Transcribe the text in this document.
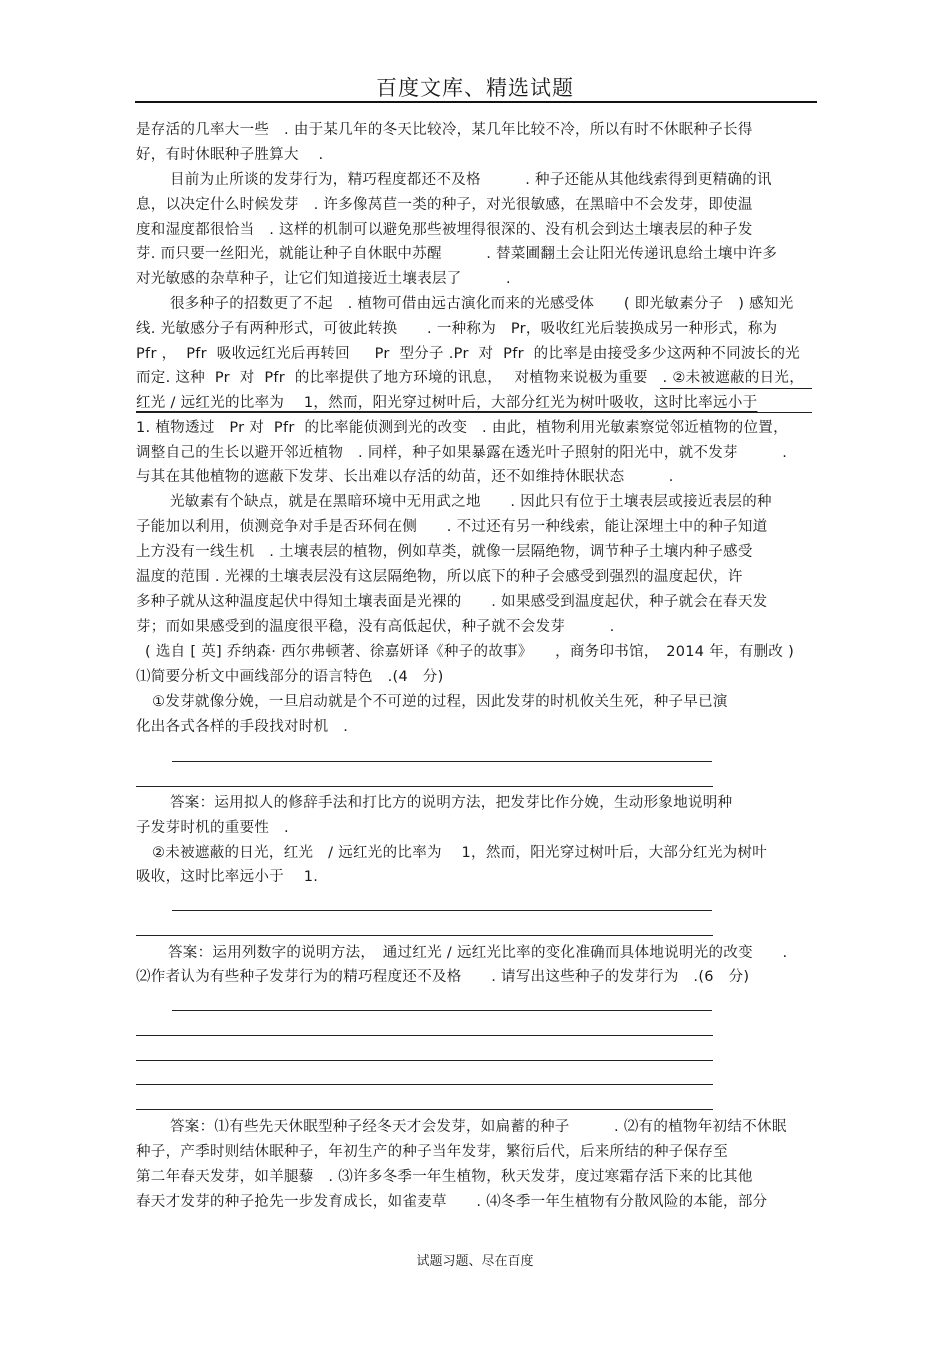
百度文库、精选试题
是存活的几率大一些　. 由于某几年的冬天比较冷，某几年比较不冷，所以有时不休眠种子长得
好，有时休眠种子胜算大　 .
目前为止所谈的发芽行为，精巧程度都还不及格　　　. 种子还能从其他线索得到更精确的讯
息，以决定什么时候发芽　. 许多像莴苣一类的种子，对光很敏感，在黑暗中不会发芽，即使温
度和湿度都很恰当　. 这样的机制可以避免那些被埋得很深的、没有机会到达土壤表层的种子发
芽. 而只要一丝阳光，就能让种子自休眠中苏醒　　　. 替菜圃翻土会让阳光传递讯息给土壤中许多
对光敏感的杂草种子，让它们知道接近土壤表层了　　　.
很多种子的招数更了不起　. 植物可借由远古演化而来的光感受体　　( 即光敏素分子　) 感知光
线. 光敏感分子有两种形式，可彼此转换　　. 一种称为　Pr，吸收红光后装换成另一种形式，称为
Pfr ，  Pfr  吸收远红光后再转回　  Pr  型分子 .Pr  对  Pfr  的比率是由接受多少这两种不同波长的光
而定. 这种  Pr  对  Pfr  的比率提供了地方环境的讯息，　 对植物来说极为重要　. ②未被遮蔽的日光，
红光 / 远红光的比率为　 1，然而，阳光穿过树叶后，大部分红光为树叶吸收，这时比率远小于
1. 植物透过　Pr 对  Pfr  的比率能侦测到光的改变　. 由此，植物利用光敏素察觉邻近植物的位置，
调整自己的生长以避开邻近植物　. 同样，种子如果暴露在透光叶子照射的阳光中，就不发芽　　　.
与其在其他植物的遮蔽下发芽、长出难以存活的幼苗，还不如维持休眠状态　　　.
光敏素有个缺点，就是在黑暗环境中无用武之地　　. 因此只有位于土壤表层或接近表层的种
子能加以利用，侦测竞争对手是否环伺在侧　　. 不过还有另一种线索，能让深埋土中的种子知道
上方没有一线生机　. 土壤表层的植物，例如草类，就像一层隔绝物，调节种子土壤内种子感受
温度的范围 . 光裸的土壤表层没有这层隔绝物，所以底下的种子会感受到强烈的温度起伏，许
多种子就从这种温度起伏中得知土壤表面是光裸的　　. 如果感受到温度起伏，种子就会在春天发
芽；而如果感受到的温度很平稳，没有高低起伏，种子就不会发芽　　　.
( 选自 [ 英] 乔纳森· 西尔弗顿著、徐嘉妍译《种子的故事》　　，商务印书馆，　2014 年，有删改 )
⑴简要分析文中画线部分的语言特色　.(4　分)
①发芽就像分娩，一旦启动就是个不可逆的过程，因此发芽的时机攸关生死，种子早已演
化出各式各样的手段找对时机　.
答案：运用拟人的修辞手法和打比方的说明方法，把发芽比作分娩，生动形象地说明种
子发芽时机的重要性　.
②未被遮蔽的日光，红光　/ 远红光的比率为　 1，然而，阳光穿过树叶后，大部分红光为树叶
吸收，这时比率远小于　 1.
答案：运用列数字的说明方法，　通过红光 / 远红光比率的变化准确而具体地说明光的改变　　.
⑵作者认为有些种子发芽行为的精巧程度还不及格　　. 请写出这些种子的发芽行为　.(6　分)
答案：⑴有些先天休眠型种子经冬天才会发芽，如扁蓄的种子　　　. ⑵有的植物年初结不休眠
种子，产季时则结休眠种子，年初生产的种子当年发芽，繁衍后代，后来所结的种子保存至
第二年春天发芽，如羊腿藜　. ⑶许多冬季一年生植物，秋天发芽，度过寒霜存活下来的比其他
春天才发芽的种子抢先一步发育成长，如雀麦草　　. ⑷冬季一年生植物有分散风险的本能，部分
试题习题、尽在百度
